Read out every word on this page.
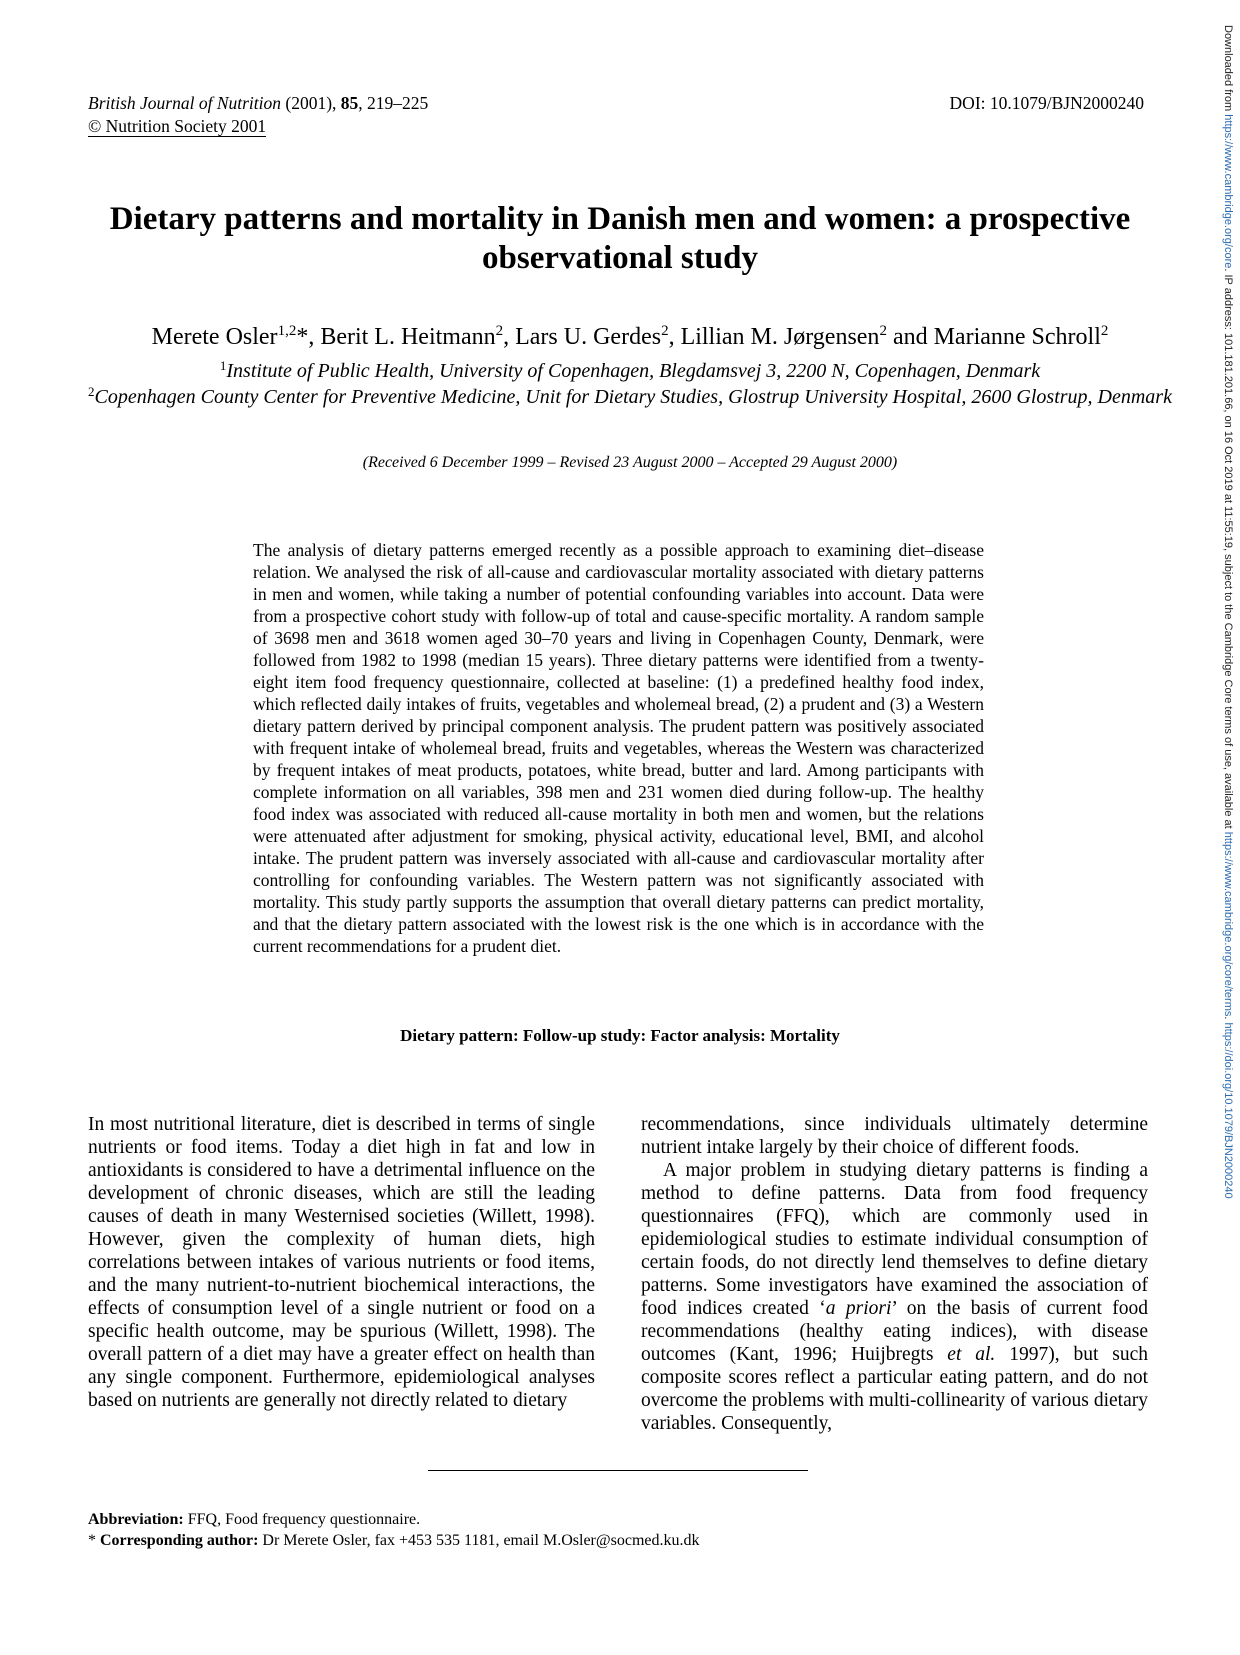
British Journal of Nutrition (2001), 85, 219–225
© Nutrition Society 2001
DOI: 10.1079/BJN2000240	Downloaded from https://www.cambridge.org/core. IP address: 101.181.201.66, on 16 Oct 2019 at 11:55:19, subject to the Cambridge Core terms of use, available at https://www.cambridge.org/core/terms. https://doi.org/10.1079/BJN2000240
Dietary patterns and mortality in Danish men and women: a prospective observational study
Merete Osler$^{1,2}$*, Berit L. Heitmann$^2$, Lars U. Gerdes$^2$, Lillian M. Jørgensen$^2$ and Marianne Schroll$^2$
$^1$Institute of Public Health, University of Copenhagen, Blegdamsvej 3, 2200 N, Copenhagen, Denmark
$^2$Copenhagen County Center for Preventive Medicine, Unit for Dietary Studies, Glostrup University Hospital, 2600 Glostrup, Denmark
(Received 6 December 1999 – Revised 23 August 2000 – Accepted 29 August 2000)

The analysis of dietary patterns emerged recently as a possible approach to examining diet–disease relation. We analysed the risk of all-cause and cardiovascular mortality associated with dietary patterns in men and women, while taking a number of potential confounding variables into account. Data were from a prospective cohort study with follow-up of total and cause-specific mortality. A random sample of 3698 men and 3618 women aged 30–70 years and living in Copenhagen County, Denmark, were followed from 1982 to 1998 (median 15 years). Three dietary patterns were identified from a twenty-eight item food frequency questionnaire, collected at baseline: (1) a predefined healthy food index, which reflected daily intakes of fruits, vegetables and wholemeal bread, (2) a prudent and (3) a Western dietary pattern derived by principal component analysis. The prudent pattern was positively associated with frequent intake of wholemeal bread, fruits and vegetables, whereas the Western was characterized by frequent intakes of meat products, potatoes, white bread, butter and lard. Among participants with complete information on all variables, 398 men and 231 women died during follow-up. The healthy food index was associated with reduced all-cause mortality in both men and women, but the relations were attenuated after adjustment for smoking, physical activity, educational level, BMI, and alcohol intake. The prudent pattern was inversely associated with all-cause and cardiovascular mortality after controlling for confounding variables. The Western pattern was not significantly associated with mortality. This study partly supports the assumption that overall dietary patterns can predict mortality, and that the dietary pattern associated with the lowest risk is the one which is in accordance with the current recommendations for a prudent diet.

Dietary pattern: Follow-up study: Factor analysis: Mortality

In most nutritional literature, diet is described in terms of single nutrients or food items. Today a diet high in fat and low in antioxidants is considered to have a detrimental influence on the development of chronic diseases, which are still the leading causes of death in many Westernised societies (Willett, 1998). However, given the complexity of human diets, high correlations between intakes of various nutrients or food items, and the many nutrient-to-nutrient biochemical interactions, the effects of consumption level of a single nutrient or food on a specific health outcome, may be spurious (Willett, 1998). The overall pattern of a diet may have a greater effect on health than any single component. Furthermore, epidemiological analyses based on nutrients are generally not directly related to dietary

recommendations, since individuals ultimately determine nutrient intake largely by their choice of different foods.

A major problem in studying dietary patterns is finding a method to define patterns. Data from food frequency questionnaires (FFQ), which are commonly used in epidemiological studies to estimate individual consumption of certain foods, do not directly lend themselves to define dietary patterns. Some investigators have examined the association of food indices created ‘a priori’ on the basis of current food recommendations (healthy eating indices), with disease outcomes (Kant, 1996; Huijbregts et al. 1997), but such composite scores reflect a particular eating pattern, and do not overcome the problems with multi-collinearity of various dietary variables. Consequently,

Abbreviation: FFQ, Food frequency questionnaire.
* Corresponding author: Dr Merete Osler, fax +453 535 1181, email M.Osler@socmed.ku.dk
